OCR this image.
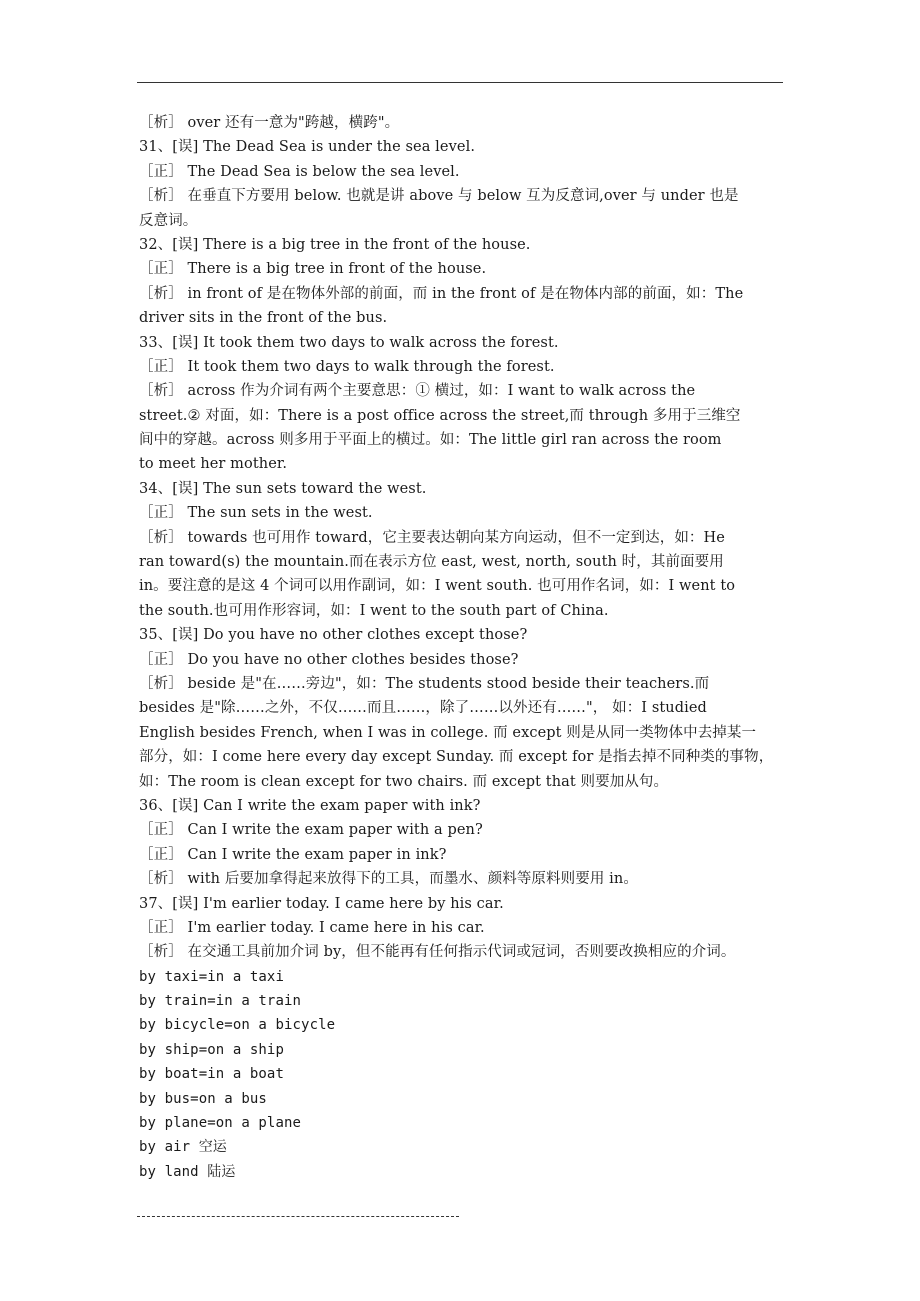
［析］ over 还有一意为"跨越，横跨"。
31、[误] The Dead Sea is under the sea level.
［正］ The Dead Sea is below the sea level.
［析］ 在垂直下方要用 below. 也就是讲 above 与 below 互为反意词,over 与 under 也是
反意词。
32、[误] There is a big tree in the front of the house.
［正］ There is a big tree in front of the house.
［析］ in front of 是在物体外部的前面，而 in the front of 是在物体内部的前面，如：The
driver sits in the front of the bus.
33、[误] It took them two days to walk across the forest.
［正］ It took them two days to walk through the forest.
［析］ across 作为介词有两个主要意思：① 横过，如：I want to walk across the
street.② 对面，如：There is a post office across the street,而 through 多用于三维空
间中的穿越。across 则多用于平面上的横过。如：The little girl ran across the room
to meet her mother.
34、[误] The sun sets toward the west.
［正］ The sun sets in the west.
［析］ towards 也可用作 toward，它主要表达朝向某方向运动，但不一定到达，如：He
ran toward(s) the mountain.而在表示方位 east, west, north, south 时，其前面要用
in。要注意的是这 4 个词可以用作副词，如：I went south. 也可用作名词，如：I went to
the south.也可用作形容词，如：I went to the south part of China.
35、[误] Do you have no other clothes except those?
［正］ Do you have no other clothes besides those?
［析］ beside 是"在……旁边"，如：The students stood beside their teachers.而
besides 是"除……之外，不仅……而且……，除了……以外还有……"， 如：I studied
English besides French, when I was in college. 而 except 则是从同一类物体中去掉某一
部分，如：I come here every day except Sunday. 而 except for 是指去掉不同种类的事物，
如：The room is clean except for two chairs. 而 except that 则要加从句。
36、[误] Can I write the exam paper with ink?
［正］ Can I write the exam paper with a pen?
［正］ Can I write the exam paper in ink?
［析］ with 后要加拿得起来放得下的工具，而墨水、颜料等原料则要用 in。
37、[误] I'm earlier today. I came here by his car.
［正］ I'm earlier today. I came here in his car.
［析］ 在交通工具前加介词 by，但不能再有任何指示代词或冠词，否则要改换相应的介词。
by taxi=in a taxi
by train=in a train
by bicycle=on a bicycle
by ship=on a ship
by boat=in a boat
by bus=on a bus
by plane=on a plane
by air 空运
by land 陆运
